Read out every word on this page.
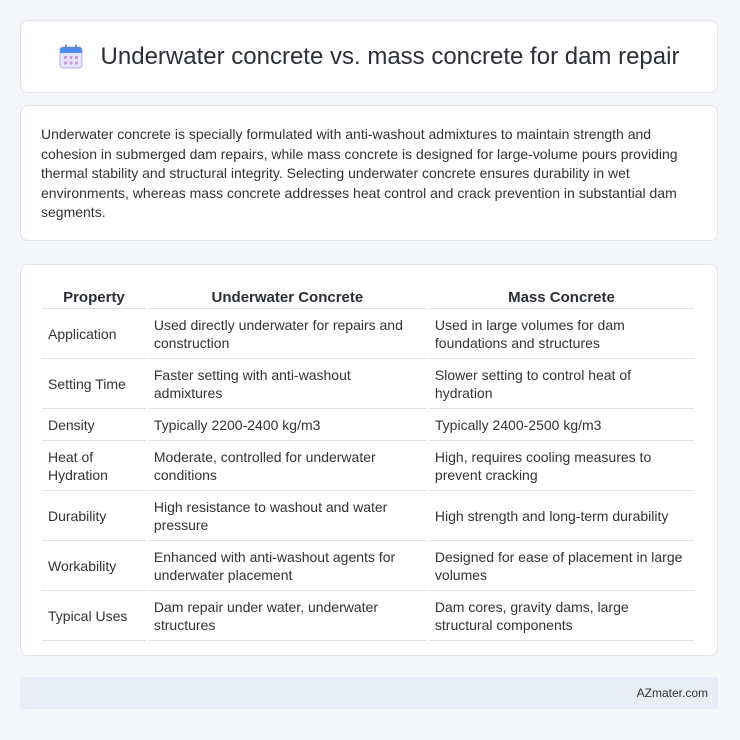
Underwater concrete vs. mass concrete for dam repair

Underwater concrete is specially formulated with anti-washout admixtures to maintain strength and cohesion in submerged dam repairs, while mass concrete is designed for large-volume pours providing thermal stability and structural integrity. Selecting underwater concrete ensures durability in wet environments, whereas mass concrete addresses heat control and crack prevention in substantial dam segments.

Property	Underwater Concrete	Mass Concrete
Application	Used directly underwater for repairs and construction	Used in large volumes for dam foundations and structures
Setting Time	Faster setting with anti-washout admixtures	Slower setting to control heat of hydration
Density	Typically 2200-2400 kg/m3	Typically 2400-2500 kg/m3
Heat of Hydration	Moderate, controlled for underwater conditions	High, requires cooling measures to prevent cracking
Durability	High resistance to washout and water pressure	High strength and long-term durability
Workability	Enhanced with anti-washout agents for underwater placement	Designed for ease of placement in large volumes
Typical Uses	Dam repair under water, underwater structures	Dam cores, gravity dams, large structural components
AZmater.com
